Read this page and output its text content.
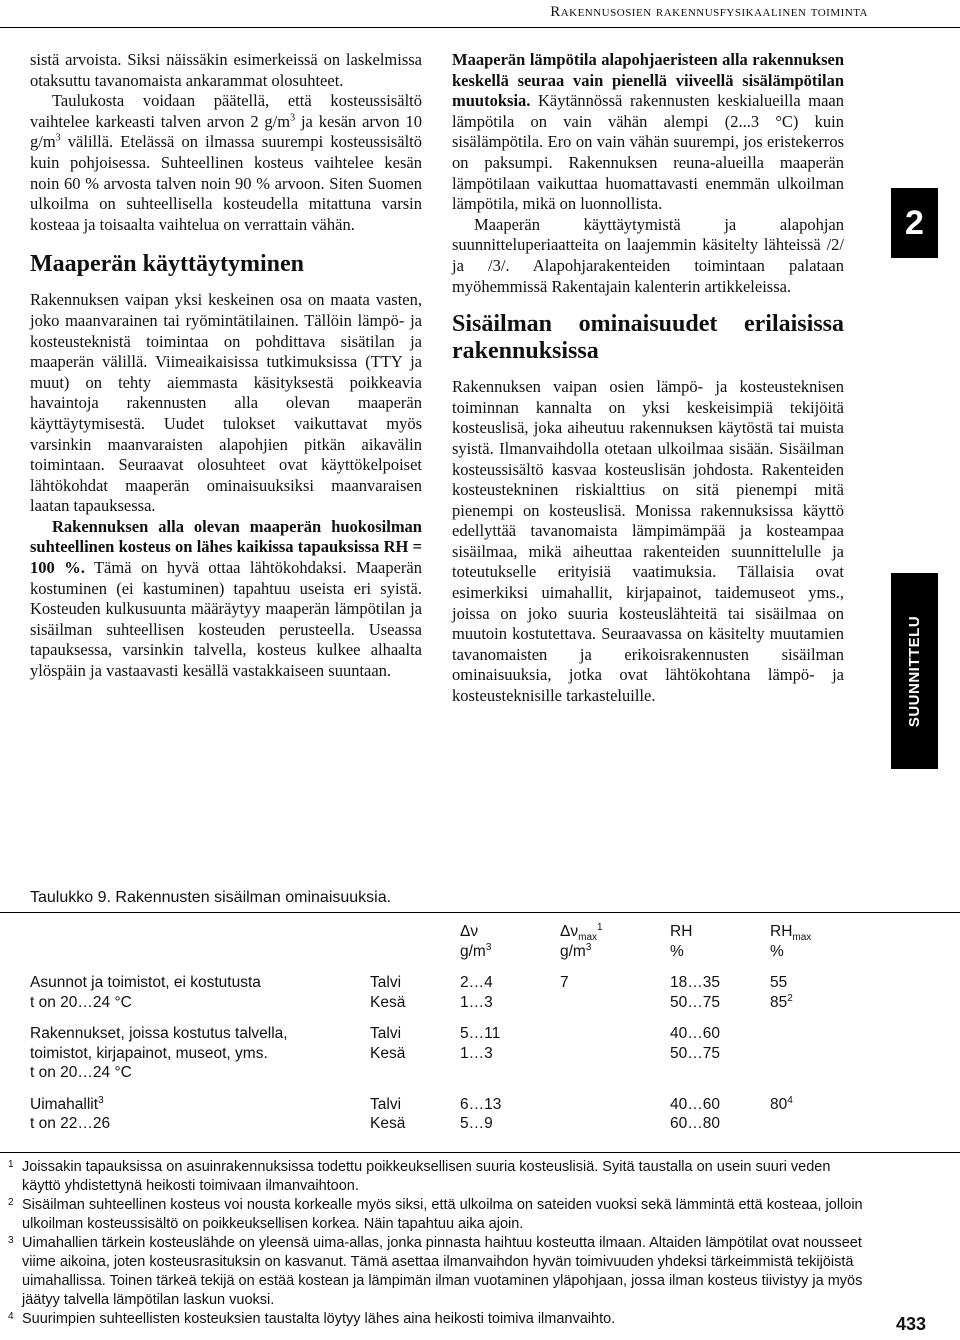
Rakennusosien rakennusfysikaalinen toiminta

sistä arvoista. Siksi näissäkin esimerkeissä on laskelmissa otaksuttu tavanomaista ankarammat olosuhteet.

Taulukosta voidaan päätellä, että kosteussisältö vaihtelee karkeasti talven arvon 2 $g/m^3$ ja kesän arvon 10 $g/m^3$ välillä. Etelässä on ilmassa suurempi kosteussisältö kuin pohjoisessa. Suhteellinen kosteus vaihtelee kesän noin 60 % arvosta talven noin 90 % arvoon. Siten Suomen ulkoilma on suhteellisella kosteudella mitattuna varsin kosteaa ja toisaalta vaihtelua on verrattain vähän.

Maaperän käyttäytyminen

Rakennuksen vaipan yksi keskeinen osa on maata vasten, joko maanvarainen tai ryömintätilainen. Tällöin lämpö- ja kosteusteknistä toimintaa on pohdittava sisätilan ja maaperän välillä. Viimeaikaisissa tutkimuksissa (TTY ja muut) on tehty aiemmasta käsityksestä poikkeavia havaintoja rakennusten alla olevan maaperän käyttäytymisestä. Uudet tulokset vaikuttavat myös varsinkin maanvaraisten alapohjien pitkän aikavälin toimintaan. Seuraavat olosuhteet ovat käyttökelpoiset lähtökohdat maaperän ominaisuuksiksi maanvaraisen laatan tapauksessa.

Rakennuksen alla olevan maaperän huokosilman suhteellinen kosteus on lähes kaikissa tapauksissa RH = 100 %. Tämä on hyvä ottaa lähtökohdaksi. Maaperän kostuminen (ei kastuminen) tapahtuu useista eri syistä. Kosteuden kulkusuunta määräytyy maaperän lämpötilan ja sisäilman suhteellisen kosteuden perusteella. Useassa tapauksessa, varsinkin talvella, kosteus kulkee alhaalta ylöspäin ja vastaavasti kesällä vastakkaiseen suuntaan.

Maaperän lämpötila alapohjaeristeen alla rakennuksen keskellä seuraa vain pienellä viiveellä sisälämpötilan muutoksia. Käytännössä rakennusten keskialueilla maan lämpötila on vain vähän alempi (2...3 °C) kuin sisälämpötila. Ero on vain vähän suurempi, jos eristekerros on paksumpi. Rakennuksen reuna-alueilla maaperän lämpötilaan vaikuttaa huomattavasti enemmän ulkoilman lämpötila, mikä on luonnollista.

Maaperän käyttäytymistä ja alapohjan suunnitteluperiaatteita on laajemmin käsitelty lähteissä /2/ ja /3/. Alapohjarakenteiden toimintaan palataan myöhemmissä Rakentajain kalenterin artikkeleissa.

Sisäilman ominaisuudet erilaisissa rakennuksissa

Rakennuksen vaipan osien lämpö- ja kosteusteknisen toiminnan kannalta on yksi keskeisimpiä tekijöitä kosteuslisä, joka aiheutuu rakennuksen käytöstä tai muista syistä. Ilmanvaihdolla otetaan ulkoilmaa sisään. Sisäilman kosteussisältö kasvaa kosteuslisän johdosta. Rakenteiden kosteustekninen riskialttius on sitä pienempi mitä pienempi on kosteuslisä. Monissa rakennuksissa käyttö edellyttää tavanomaista lämpimämpää ja kosteampaa sisäilmaa, mikä aiheuttaa rakenteiden suunnittelulle ja toteutukselle erityisiä vaatimuksia. Tällaisia ovat esimerkiksi uimahallit, kirjapainot, taidemuseot yms., joissa on joko suuria kosteuslähteitä tai sisäilmaa on muutoin kostutettava. Seuraavassa on käsitelty muutamien tavanomaisten ja erikoisrakennusten sisäilman ominaisuuksia, jotka ovat lähtökohtana lämpö- ja kosteusteknisille tarkasteluille.

2
SUUNNITTELU
Taulukko 9. Rakennusten sisäilman ominaisuuksia.
		Δν	$\Delta\nu_{max}^1$	RH	$RH_{max}$
		$g/m^3$	$g/m^3$	%	%

Asunnot ja toimistot, ei kostutusta	Talvi	2…4	7	18…35	55
t on 20…24 °C	Kesä	1…3		50…75	$85^2$

Rakennukset, joissa kostutus talvella,	Talvi	5…11		40…60	
toimistot, kirjapainot, museot, yms.	Kesä	1…3		50…75	
t on 20…24 °C					

Uimahallit$^3$	Talvi	6…13		40…60	$80^4$
t on 22…26	Kesä	5…9		60…80	
1 Joissakin tapauksissa on asuinrakennuksissa todettu poikkeuksellisen suuria kosteuslisiä. Syitä taustalla on usein suuri veden käyttö yhdistettynä heikosti toimivaan ilmanvaihtoon.
2 Sisäilman suhteellinen kosteus voi nousta korkealle myös siksi, että ulkoilma on sateiden vuoksi sekä lämmintä että kosteaa, jolloin ulkoilman kosteussisältö on poikkeuksellisen korkea. Näin tapahtuu aika ajoin.
3 Uimahallien tärkein kosteuslähde on yleensä uima-allas, jonka pinnasta haihtuu kosteutta ilmaan. Altaiden lämpötilat ovat nousseet viime aikoina, joten kosteusrasituksin on kasvanut. Tämä asettaa ilmanvaihdon hyvän toimivuuden yhdeksi tärkeimmistä tekijöistä uimahallissa. Toinen tärkeä tekijä on estää kostean ja lämpimän ilman vuotaminen yläpohjaan, jossa ilman kosteus tiivistyy ja myös jäätyy talvella lämpötilan laskun vuoksi.
4 Suurimpien suhteellisten kosteuksien taustalta löytyy lähes aina heikosti toimiva ilmanvaihto.	433
